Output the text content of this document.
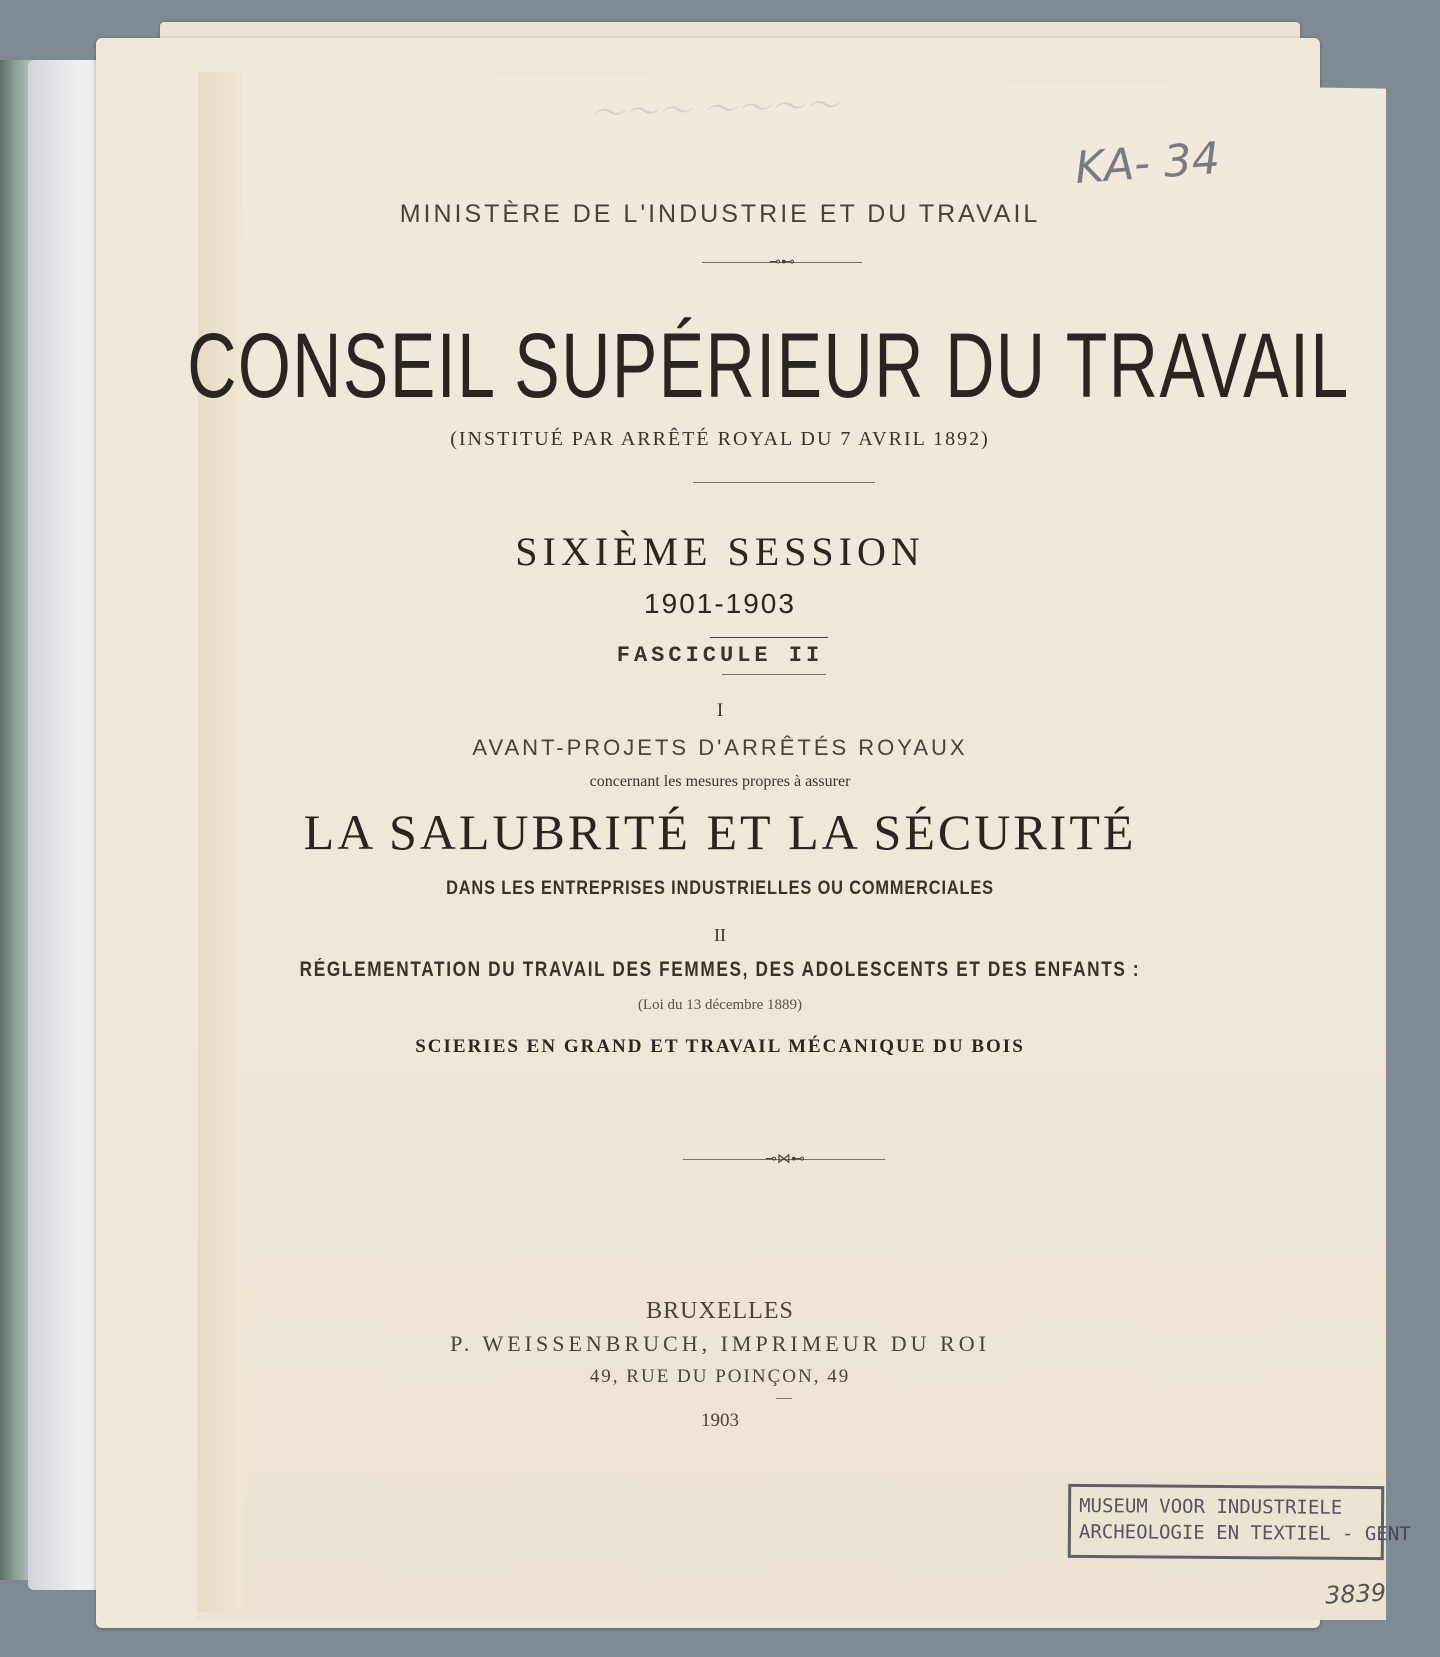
～～～ ～～～～
KA- 34
MINISTÈRE DE L'INDUSTRIE ET DU TRAVAIL
⊸⊷
CONSEIL SUPÉRIEUR DU TRAVAIL
(INSTITUÉ PAR ARRÊTÉ ROYAL DU 7 AVRIL 1892)
SIXIÈME SESSION
1901-1903
FASCICULE II
I
AVANT-PROJETS D'ARRÊTÉS ROYAUX
concernant les mesures propres à assurer
LA SALUBRITÉ ET LA SÉCURITÉ
DANS LES ENTREPRISES INDUSTRIELLES OU COMMERCIALES
II
RÉGLEMENTATION DU TRAVAIL DES FEMMES, DES ADOLESCENTS ET DES ENFANTS :
(Loi du 13 décembre 1889)
SCIERIES EN GRAND ET TRAVAIL MÉCANIQUE DU BOIS
⊸⋈⊷
BRUXELLES
P. WEISSENBRUCH, IMPRIMEUR DU ROI
49, RUE DU POINÇON, 49
1903
MUSEUM VOOR INDUSTRIELE
ARCHEOLOGIE EN TEXTIEL - GENT
3839
